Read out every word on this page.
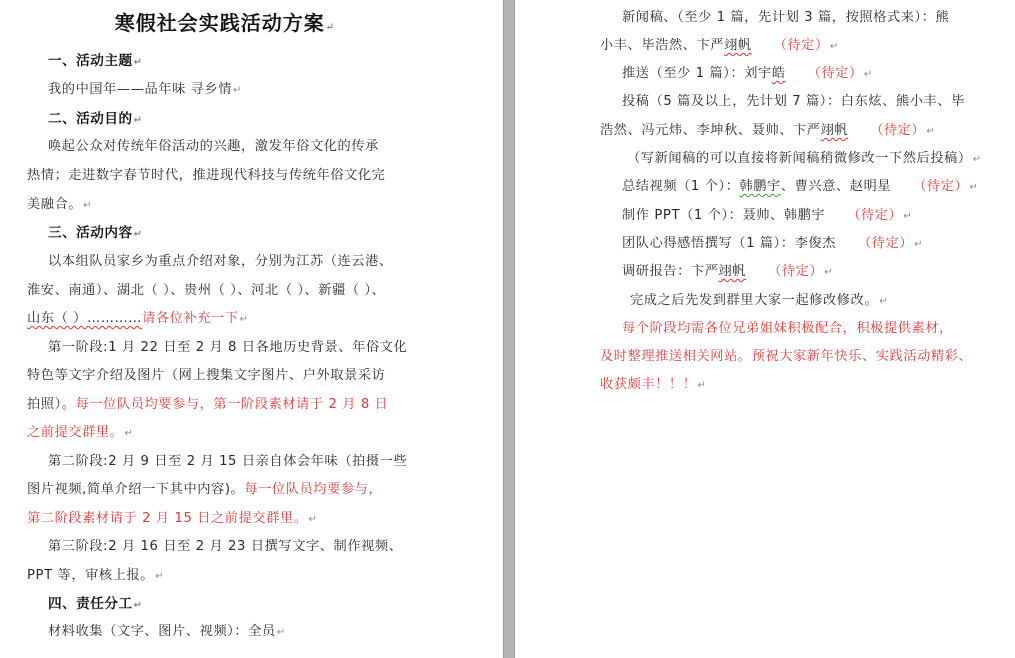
寒假社会实践活动方案↵
一、活动主题↵
我的中国年——品年味 寻乡情↵
二、活动目的↵
唤起公众对传统年俗活动的兴趣，激发年俗文化的传承
热情；走进数字春节时代，推进现代科技与传统年俗文化完
美融合。↵
三、活动内容↵
以本组队员家乡为重点介绍对象，分别为江苏（连云港、
淮安、南通）、湖北（ ）、贵州（ ）、河北（ ）、新疆（ ）、
山东（ ）…………请各位补充一下↵
第一阶段:1 月 22 日至 2 月 8 日各地历史背景、年俗文化
特色等文字介绍及图片（网上搜集文字图片、户外取景采访
拍照）。每一位队员均要参与，第一阶段素材请于 2 月 8 日
之前提交群里。↵
第二阶段:2 月 9 日至 2 月 15 日亲自体会年味（拍摄一些
图片视频,简单介绍一下其中内容)。每一位队员均要参与，
第二阶段素材请于 2 月 15 日之前提交群里。↵
第三阶段:2 月 16 日至 2 月 23 日撰写文字、制作视频、
PPT 等，审核上报。↵
四、责任分工↵
材料收集（文字、图片、视频）：全员↵
新闻稿、（至少 1 篇，先计划 3 篇，按照格式来）：熊
小丰、毕浩然、卞严翊帆 （待定）↵
推送（至少 1 篇）：刘宇皓 （待定）↵
投稿（5 篇及以上，先计划 7 篇）：白东炫、熊小丰、毕
浩然、冯元炜、李坤秋、聂帅、卞严翊帆 （待定）↵
（写新闻稿的可以直接将新闻稿稍微修改一下然后投稿）↵
总结视频（1 个）：韩鹏宇、曹兴意、赵明星 （待定）↵
制作 PPT（1 个）：聂帅、韩鹏宇 （待定）↵
团队心得感悟撰写（1 篇）：李俊杰 （待定）↵
调研报告：卞严翊帆 （待定）↵
完成之后先发到群里大家一起修改修改。↵
每个阶段均需各位兄弟姐妹积极配合，积极提供素材，
及时整理推送相关网站。预祝大家新年快乐、实践活动精彩、
收获颇丰！！！↵
